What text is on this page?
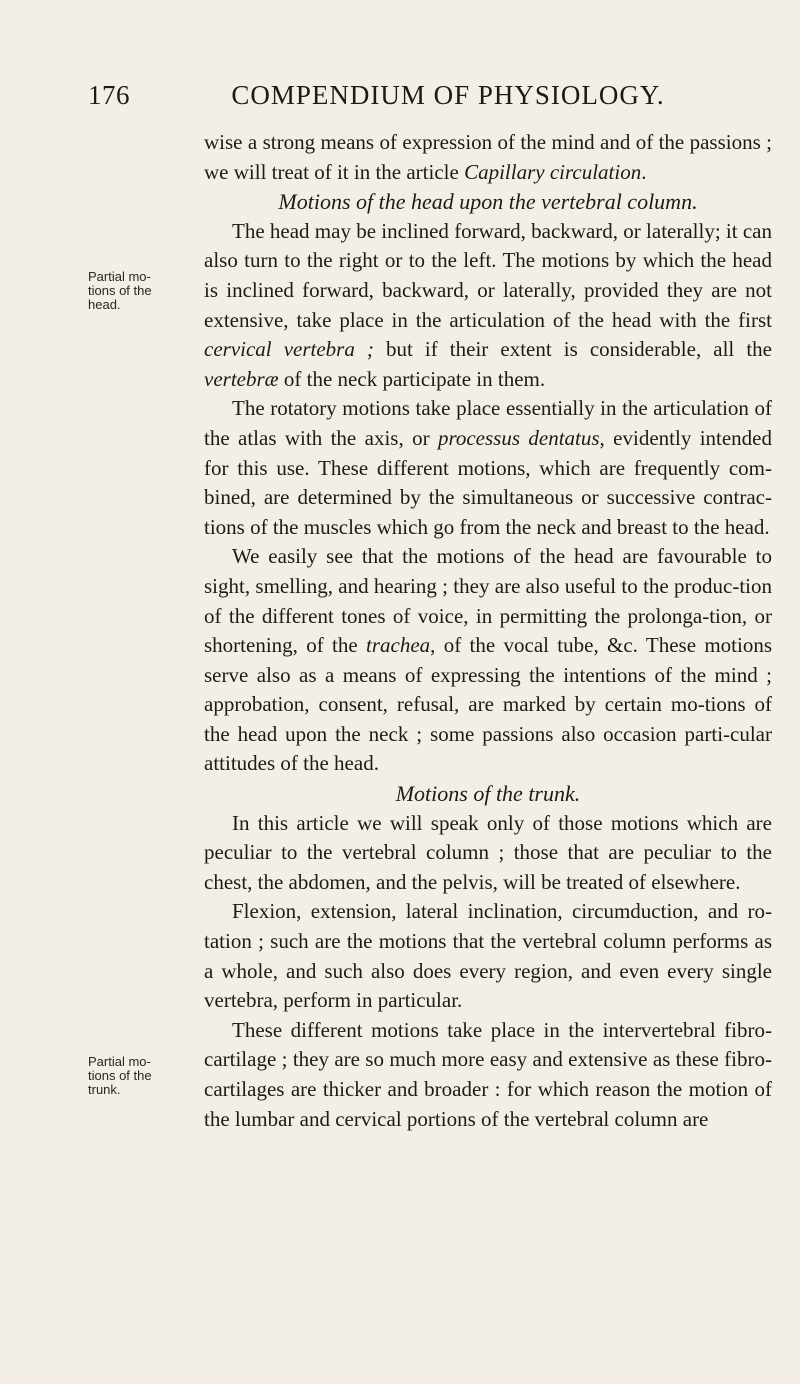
176	COMPENDIUM OF PHYSIOLOGY.
Partial mo-
tions of the
head.
Partial mo-
tions of the
trunk.

wise a strong means of expression of the mind and of the passions ; we will treat of it in the article Capillary circulation.

Motions of the head upon the vertebral column.

The head may be inclined forward, backward, or laterally; it can also turn to the right or to the left. The motions by which the head is inclined forward, backward, or laterally, provided they are not extensive, take place in the articulation of the head with the first cervical vertebra ; but if their extent is considerable, all the vertebræ of the neck participate in them.

The rotatory motions take place essentially in the articulation of the atlas with the axis, or processus dentatus, evidently intended for this use. These different motions, which are frequently com-bined, are determined by the simultaneous or successive contrac-tions of the muscles which go from the neck and breast to the head.

We easily see that the motions of the head are favourable to sight, smelling, and hearing ; they are also useful to the produc-tion of the different tones of voice, in permitting the prolonga-tion, or shortening, of the trachea, of the vocal tube, &c. These motions serve also as a means of expressing the intentions of the mind ; approbation, consent, refusal, are marked by certain mo-tions of the head upon the neck ; some passions also occasion parti-cular attitudes of the head.

Motions of the trunk.

In this article we will speak only of those motions which are peculiar to the vertebral column ; those that are peculiar to the chest, the abdomen, and the pelvis, will be treated of elsewhere.

Flexion, extension, lateral inclination, circumduction, and ro-tation ; such are the motions that the vertebral column performs as a whole, and such also does every region, and even every single vertebra, perform in particular.

These different motions take place in the intervertebral fibro-cartilage ; they are so much more easy and extensive as these fibro-cartilages are thicker and broader : for which reason the motion of the lumbar and cervical portions of the vertebral column are
